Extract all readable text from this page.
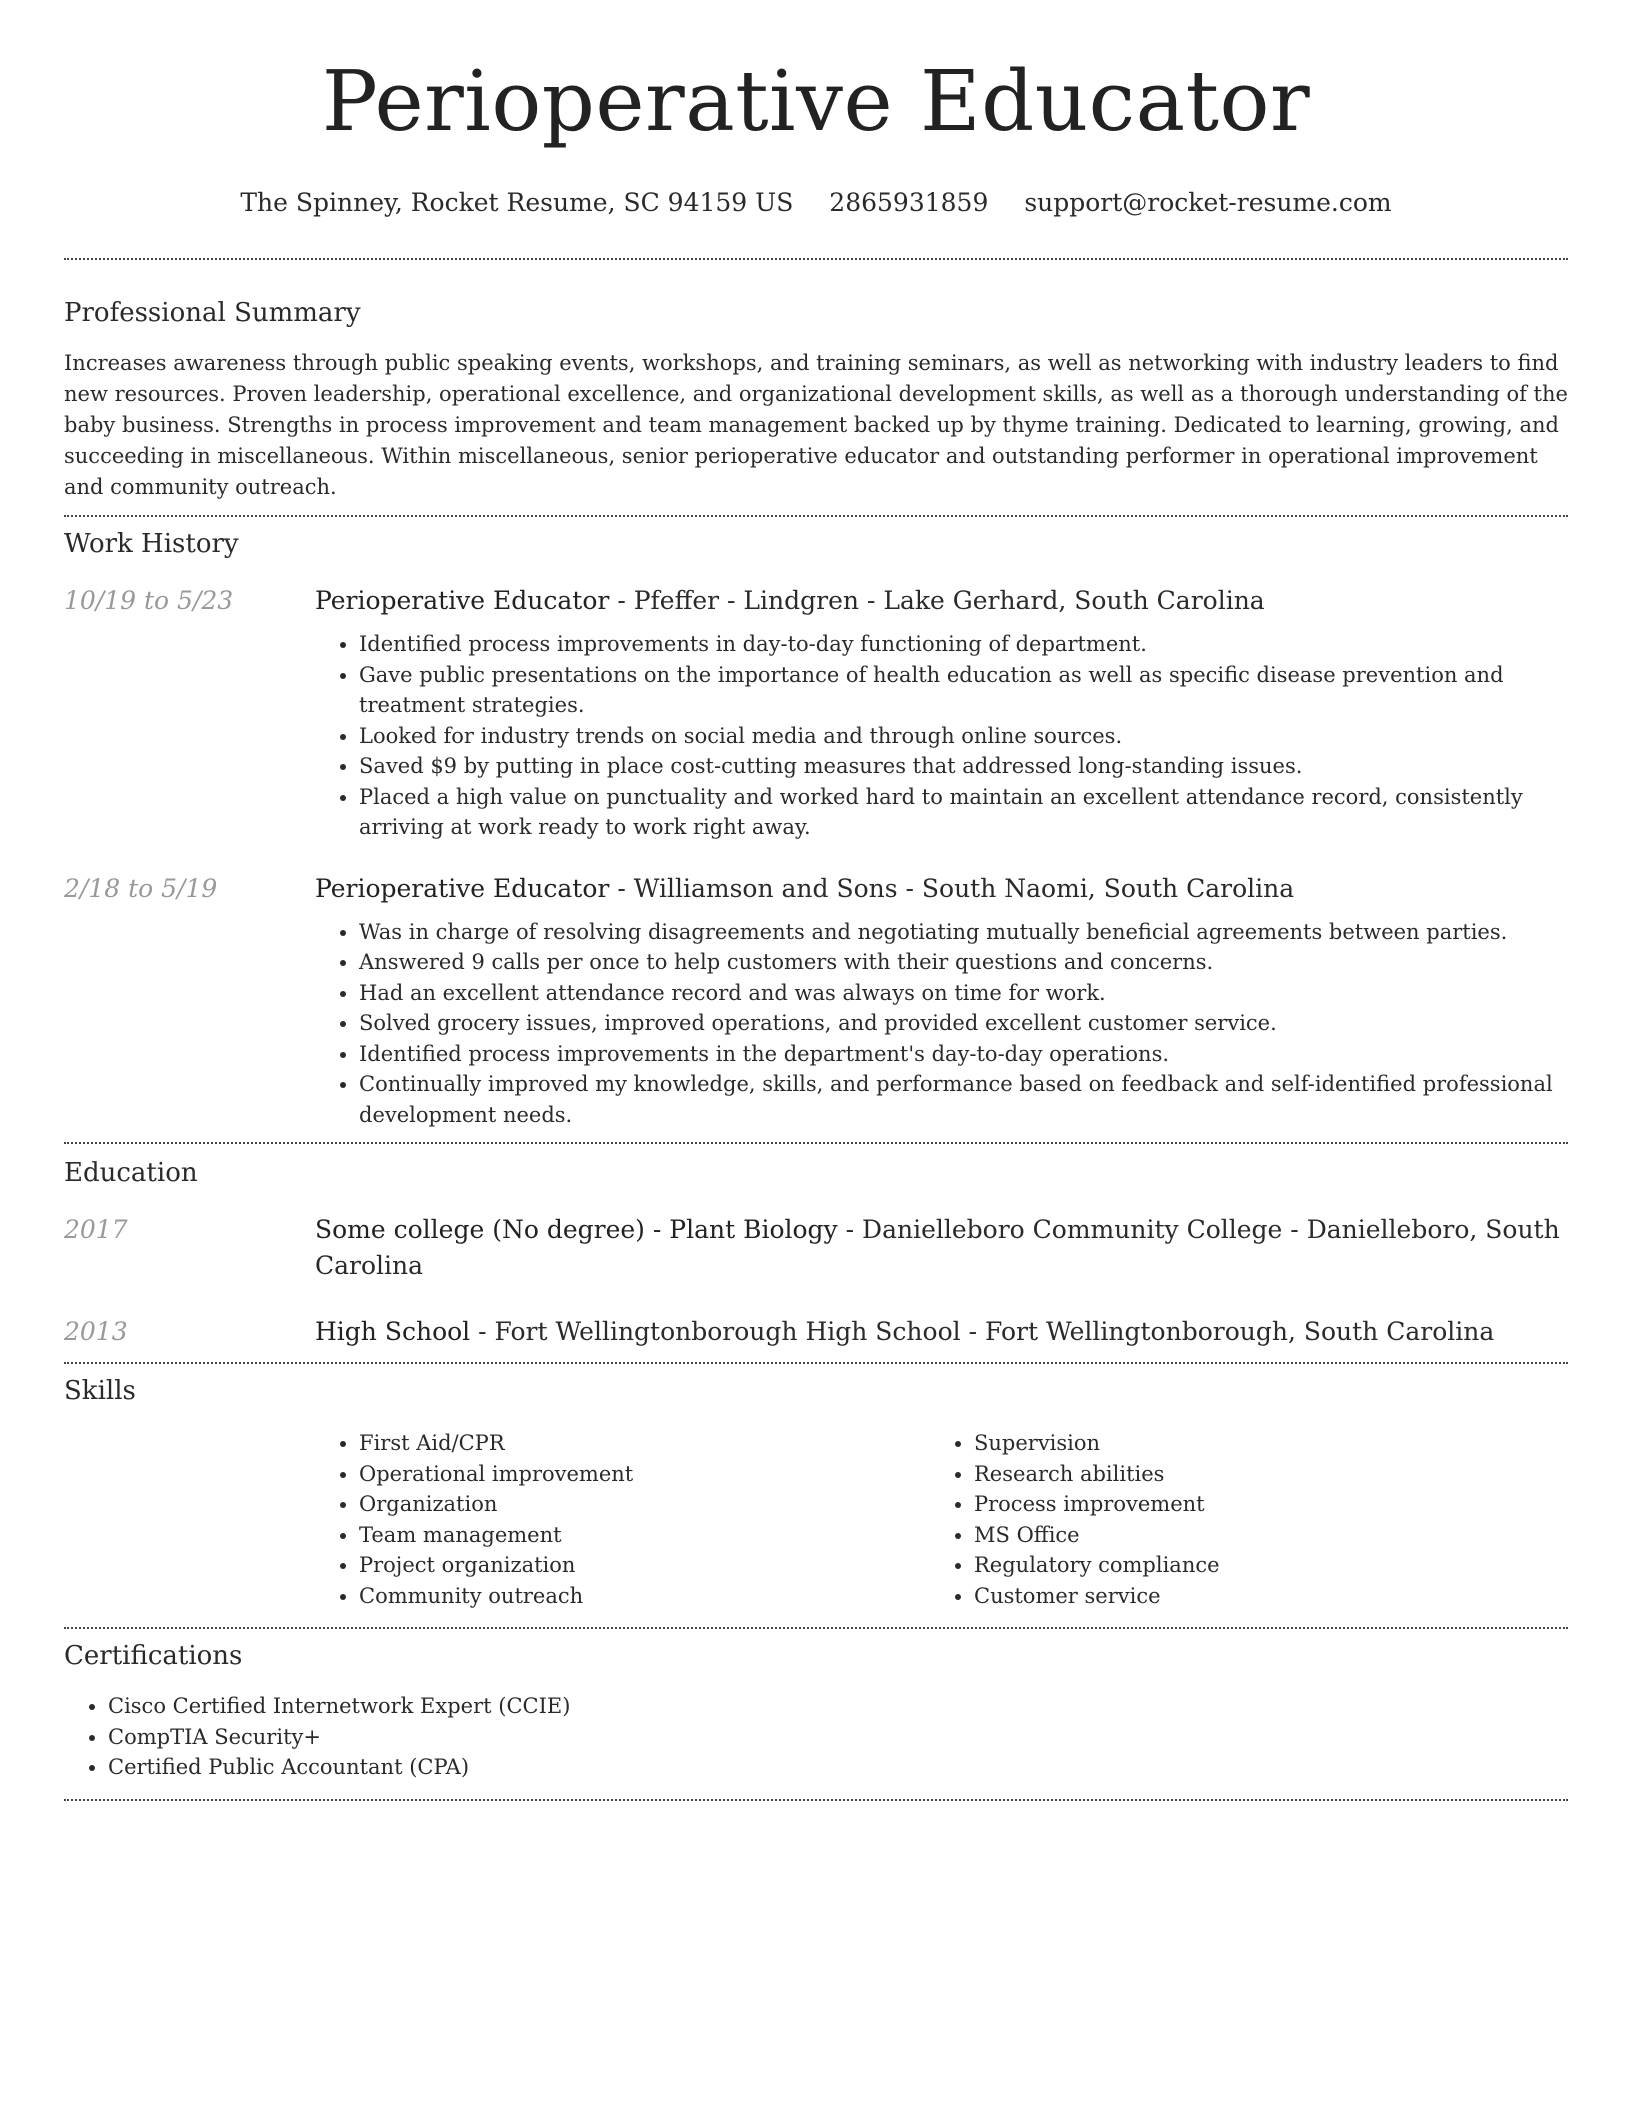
Perioperative Educator
The Spinney, Rocket Resume, SC 94159 US 2865931859 support@rocket-resume.com
Professional Summary

Increases awareness through public speaking events, workshops, and training seminars, as well as networking with industry leaders to find new resources. Proven leadership, operational excellence, and organizational development skills, as well as a thorough understanding of the baby business. Strengths in process improvement and team management backed up by thyme training. Dedicated to learning, growing, and succeeding in miscellaneous. Within miscellaneous, senior perioperative educator and outstanding performer in operational improvement and community outreach.

Work History
10/19 to 5/23	Perioperative Educator - Pfeffer - Lindgren - Lake Gerhard, South Carolina
• Identified process improvements in day-to-day functioning of department.
• Gave public presentations on the importance of health education as well as specific disease prevention and treatment strategies.
• Looked for industry trends on social media and through online sources.
• Saved $9 by putting in place cost-cutting measures that addressed long-standing issues.
• Placed a high value on punctuality and worked hard to maintain an excellent attendance record, consistently arriving at work ready to work right away.
2/18 to 5/19	Perioperative Educator - Williamson and Sons - South Naomi, South Carolina
• Was in charge of resolving disagreements and negotiating mutually beneficial agreements between parties.
• Answered 9 calls per once to help customers with their questions and concerns.
• Had an excellent attendance record and was always on time for work.
• Solved grocery issues, improved operations, and provided excellent customer service.
• Identified process improvements in the department's day-to-day operations.
• Continually improved my knowledge, skills, and performance based on feedback and self-identified professional development needs.
Education
2017	Some college (No degree) - Plant Biology - Danielleboro Community College - Danielleboro, South Carolina
2013	High School - Fort Wellingtonborough High School - Fort Wellingtonborough, South Carolina
Skills
• First Aid/CPR
• Operational improvement
• Organization
• Team management
• Project organization
• Community outreach
• Supervision
• Research abilities
• Process improvement
• MS Office
• Regulatory compliance
• Customer service
Certifications
• Cisco Certified Internetwork Expert (CCIE)
• CompTIA Security+
• Certified Public Accountant (CPA)
